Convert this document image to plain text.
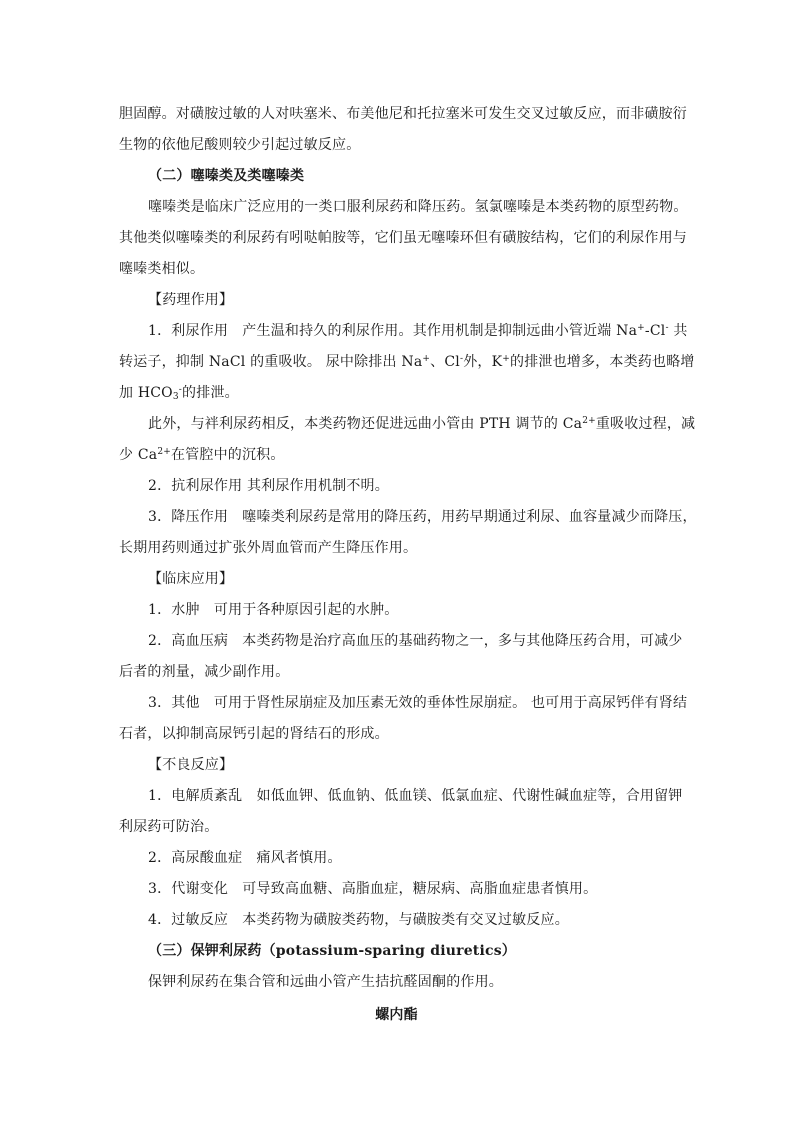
胆固醇。对磺胺过敏的人对呋塞米、布美他尼和托拉塞米可发生交叉过敏反应，而非磺胺衍
生物的依他尼酸则较少引起过敏反应。
（二）噻嗪类及类噻嗪类
噻嗪类是临床广泛应用的一类口服利尿药和降压药。氢氯噻嗪是本类药物的原型药物。
其他类似噻嗪类的利尿药有吲哒帕胺等，它们虽无噻嗪环但有磺胺结构，它们的利尿作用与
噻嗪类相似。
【药理作用】
1．利尿作用　产生温和持久的利尿作用。其作用机制是抑制远曲小管近端 Na+-Cl- 共
转运子，抑制 NaCl 的重吸收。 尿中除排出 Na+、Cl-外，K+的排泄也增多，本类药也略增
加 $HCO_3^-$的排泄。
此外，与袢利尿药相反，本类药物还促进远曲小管由 PTH 调节的 $Ca^{2+}$重吸收过程，减
少 $Ca^{2+}$在管腔中的沉积。
2．抗利尿作用 其利尿作用机制不明。
3．降压作用　噻嗪类利尿药是常用的降压药，用药早期通过利尿、血容量减少而降压，
长期用药则通过扩张外周血管而产生降压作用。
【临床应用】
1．水肿　可用于各种原因引起的水肿。
2．高血压病　本类药物是治疗高血压的基础药物之一，多与其他降压药合用，可减少
后者的剂量，减少副作用。
3．其他　可用于肾性尿崩症及加压素无效的垂体性尿崩症。 也可用于高尿钙伴有肾结
石者，以抑制高尿钙引起的肾结石的形成。
【不良反应】
1．电解质紊乱　如低血钾、低血钠、低血镁、低氯血症、代谢性碱血症等，合用留钾
利尿药可防治。
2．高尿酸血症　痛风者慎用。
3．代谢变化　可导致高血糖、高脂血症，糖尿病、高脂血症患者慎用。
4．过敏反应　本类药物为磺胺类药物，与磺胺类有交叉过敏反应。
（三）保钾利尿药（potassium-sparing diuretics）
保钾利尿药在集合管和远曲小管产生拮抗醛固酮的作用。
螺内酯
